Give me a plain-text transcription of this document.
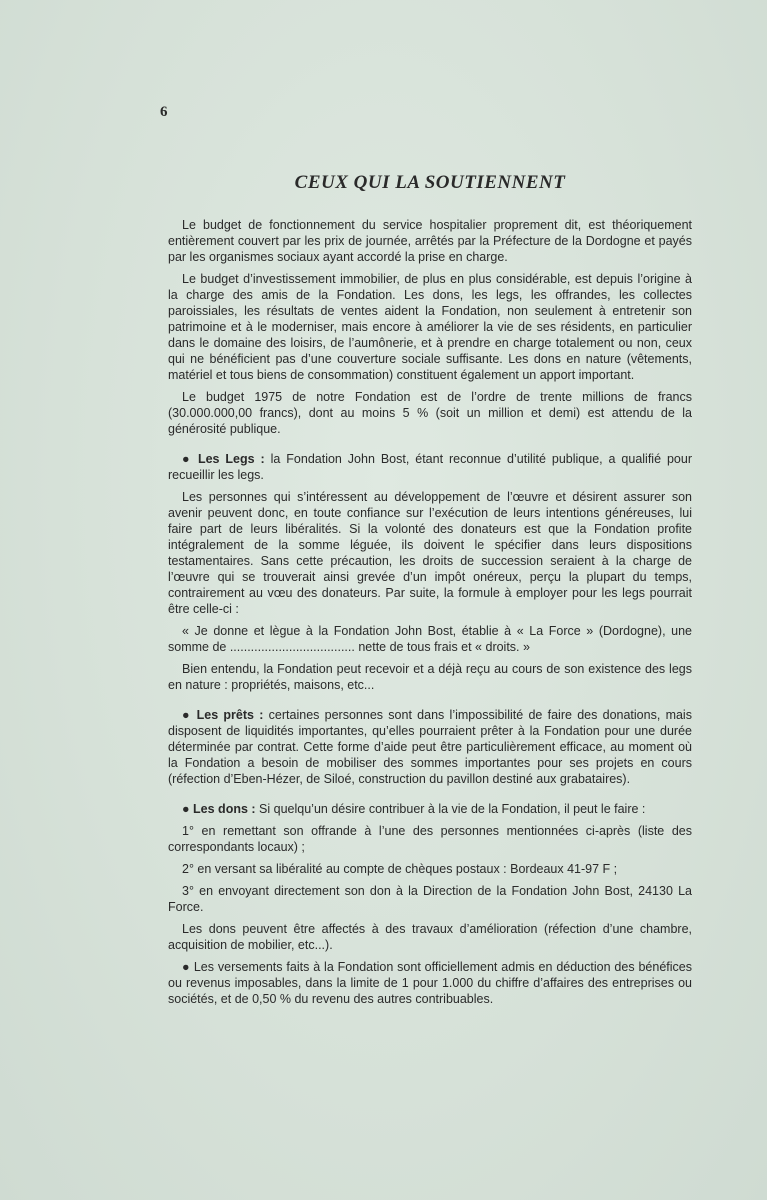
6
CEUX QUI LA SOUTIENNENT

Le budget de fonctionnement du service hospitalier proprement dit, est théoriquement entièrement couvert par les prix de journée, arrêtés par la Préfecture de la Dordogne et payés par les organismes sociaux ayant accordé la prise en charge.

Le budget d’investissement immobilier, de plus en plus considérable, est depuis l’origine à la charge des amis de la Fondation. Les dons, les legs, les offrandes, les collectes paroissiales, les résultats de ventes aident la Fondation, non seulement à entretenir son patrimoine et à le moderniser, mais encore à améliorer la vie de ses résidents, en particulier dans le domaine des loisirs, de l’aumônerie, et à prendre en charge totalement ou non, ceux qui ne bénéficient pas d’une couverture sociale suffisante. Les dons en nature (vêtements, matériel et tous biens de consommation) constituent également un apport important.

Le budget 1975 de notre Fondation est de l’ordre de trente millions de francs (30.000.000,00 francs), dont au moins 5 % (soit un million et demi) est attendu de la générosité publique.

● Les Legs : la Fondation John Bost, étant reconnue d’utilité publique, a qualifié pour recueillir les legs.

Les personnes qui s’intéressent au développement de l’œuvre et désirent assurer son avenir peuvent donc, en toute confiance sur l’exécution de leurs intentions généreuses, lui faire part de leurs libéralités. Si la volonté des donateurs est que la Fondation profite intégralement de la somme léguée, ils doivent le spécifier dans leurs dispositions testamentaires. Sans cette précaution, les droits de succession seraient à la charge de l’œuvre qui se trouverait ainsi grevée d’un impôt onéreux, perçu la plupart du temps, contrairement au vœu des donateurs. Par suite, la formule à employer pour les legs pourrait être celle-ci :

« Je donne et lègue à la Fondation John Bost, établie à « La Force » (Dordogne), une somme de .................................... nette de tous frais et « droits. »

Bien entendu, la Fondation peut recevoir et a déjà reçu au cours de son existence des legs en nature : propriétés, maisons, etc...

● Les prêts : certaines personnes sont dans l’impossibilité de faire des donations, mais disposent de liquidités importantes, qu’elles pourraient prêter à la Fondation pour une durée déterminée par contrat. Cette forme d’aide peut être particulièrement efficace, au moment où la Fondation a besoin de mobiliser des sommes importantes pour ses projets en cours (réfection d’Eben-Hézer, de Siloé, construction du pavillon destiné aux grabataires).

● Les dons : Si quelqu’un désire contribuer à la vie de la Fondation, il peut le faire :

1° en remettant son offrande à l’une des personnes mentionnées ci-après (liste des correspondants locaux) ;

2° en versant sa libéralité au compte de chèques postaux : Bordeaux 41-97 F ;

3° en envoyant directement son don à la Direction de la Fondation John Bost, 24130 La Force.

Les dons peuvent être affectés à des travaux d’amélioration (réfection d’une chambre, acquisition de mobilier, etc...).

● Les versements faits à la Fondation sont officiellement admis en déduction des bénéfices ou revenus imposables, dans la limite de 1 pour 1.000 du chiffre d’affaires des entreprises ou sociétés, et de 0,50 % du revenu des autres contribuables.
